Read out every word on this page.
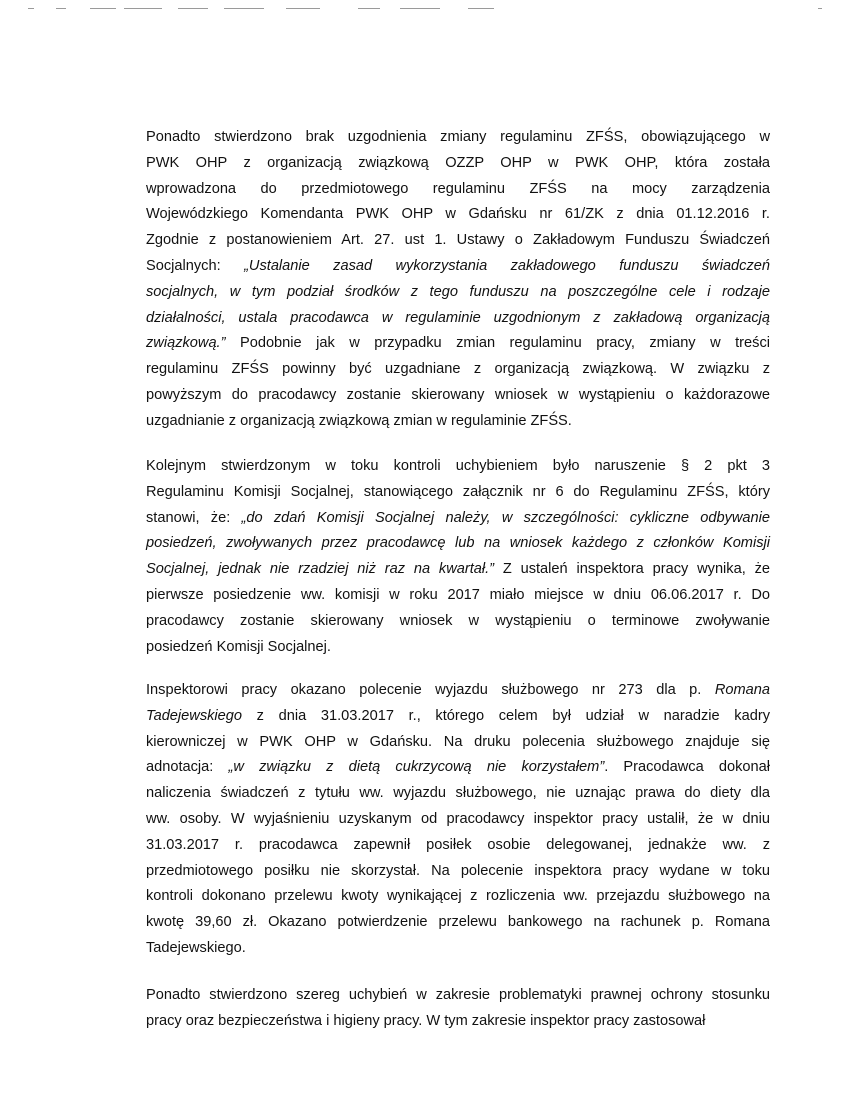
Ponadto stwierdzono brak uzgodnienia zmiany regulaminu ZFŚS, obowiązującego w
PWK OHP z organizacją związkową OZZP OHP w PWK OHP, która została
wprowadzona do przedmiotowego regulaminu ZFŚS na mocy zarządzenia
Wojewódzkiego Komendanta PWK OHP w Gdańsku nr 61/ZK z dnia 01.12.2016 r.
Zgodnie z postanowieniem Art. 27. ust 1. Ustawy o Zakładowym Funduszu Świadczeń
Socjalnych: „Ustalanie zasad wykorzystania zakładowego funduszu świadczeń
socjalnych, w tym podział środków z tego funduszu na poszczególne cele i rodzaje
działalności, ustala pracodawca w regulaminie uzgodnionym z zakładową organizacją
związkową.” Podobnie jak w przypadku zmian regulaminu pracy, zmiany w treści
regulaminu ZFŚS powinny być uzgadniane z organizacją związkową. W związku z
powyższym do pracodawcy zostanie skierowany wniosek w wystąpieniu o każdorazowe
uzgadnianie z organizacją związkową zmian w regulaminie ZFŚS.
Kolejnym stwierdzonym w toku kontroli uchybieniem było naruszenie § 2 pkt 3
Regulaminu Komisji Socjalnej, stanowiącego załącznik nr 6 do Regulaminu ZFŚS, który
stanowi, że: „do zdań Komisji Socjalnej należy, w szczególności: cykliczne odbywanie
posiedzeń, zwoływanych przez pracodawcę lub na wniosek każdego z członków Komisji
Socjalnej, jednak nie rzadziej niż raz na kwartał.” Z ustaleń inspektora pracy wynika, że
pierwsze posiedzenie ww. komisji w roku 2017 miało miejsce w dniu 06.06.2017 r. Do
pracodawcy zostanie skierowany wniosek w wystąpieniu o terminowe zwoływanie
posiedzeń Komisji Socjalnej.
Inspektorowi pracy okazano polecenie wyjazdu służbowego nr 273 dla p. Romana
Tadejewskiego z dnia 31.03.2017 r., którego celem był udział w naradzie kadry
kierowniczej w PWK OHP w Gdańsku. Na druku polecenia służbowego znajduje się
adnotacja: „w związku z dietą cukrzycową nie korzystałem”. Pracodawca dokonał
naliczenia świadczeń z tytułu ww. wyjazdu służbowego, nie uznając prawa do diety dla
ww. osoby. W wyjaśnieniu uzyskanym od pracodawcy inspektor pracy ustalił, że w dniu
31.03.2017 r. pracodawca zapewnił posiłek osobie delegowanej, jednakże ww. z
przedmiotowego posiłku nie skorzystał. Na polecenie inspektora pracy wydane w toku
kontroli dokonano przelewu kwoty wynikającej z rozliczenia ww. przejazdu służbowego na
kwotę 39,60 zł. Okazano potwierdzenie przelewu bankowego na rachunek p. Romana
Tadejewskiego.
Ponadto stwierdzono szereg uchybień w zakresie problematyki prawnej ochrony stosunku
pracy oraz bezpieczeństwa i higieny pracy. W tym zakresie inspektor pracy zastosował
